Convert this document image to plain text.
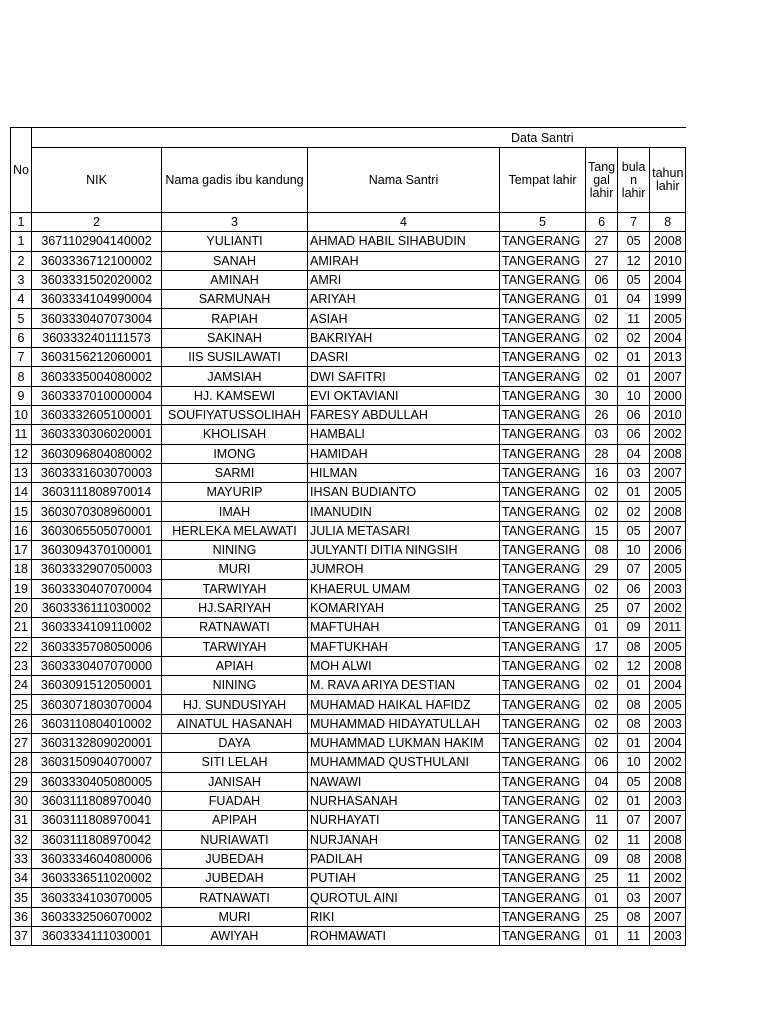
No	Data Santri						
	NIK	Nama gadis ibu kandung	Nama Santri	Tempat lahir	Tang gal lahir	bula n lahir	tahun lahir
1	2	3	4	5	6	7	8
1	3671102904140002	YULIANTI	AHMAD HABIL SIHABUDIN	TANGERANG	27	05	2008
2	3603336712100002	SANAH	AMIRAH	TANGERANG	27	12	2010
3	3603331502020002	AMINAH	AMRI	TANGERANG	06	05	2004
4	3603334104990004	SARMUNAH	ARIYAH	TANGERANG	01	04	1999
5	3603330407073004	RAPIAH	ASIAH	TANGERANG	02	11	2005
6	3603332401111573	SAKINAH	BAKRIYAH	TANGERANG	02	02	2004
7	3603156212060001	IIS SUSILAWATI	DASRI	TANGERANG	02	01	2013
8	3603335004080002	JAMSIAH	DWI SAFITRI	TANGERANG	02	01	2007
9	3603337010000004	HJ. KAMSEWI	EVI OKTAVIANI	TANGERANG	30	10	2000
10	3603332605100001	SOUFIYATUSSOLIHAH	FARESY ABDULLAH	TANGERANG	26	06	2010
11	3603330306020001	KHOLISAH	HAMBALI	TANGERANG	03	06	2002
12	3603096804080002	IMONG	HAMIDAH	TANGERANG	28	04	2008
13	3603331603070003	SARMI	HILMAN	TANGERANG	16	03	2007
14	3603111808970014	MAYURIP	IHSAN BUDIANTO	TANGERANG	02	01	2005
15	3603070308960001	IMAH	IMANUDIN	TANGERANG	02	02	2008
16	3603065505070001	HERLEKA MELAWATI	JULIA METASARI	TANGERANG	15	05	2007
17	3603094370100001	NINING	JULYANTI DITIA NINGSIH	TANGERANG	08	10	2006
18	3603332907050003	MURI	JUMROH	TANGERANG	29	07	2005
19	3603330407070004	TARWIYAH	KHAERUL UMAM	TANGERANG	02	06	2003
20	3603336111030002	HJ.SARIYAH	KOMARIYAH	TANGERANG	25	07	2002
21	3603334109110002	RATNAWATI	MAFTUHAH	TANGERANG	01	09	2011
22	3603335708050006	TARWIYAH	MAFTUKHAH	TANGERANG	17	08	2005
23	3603330407070000	APIAH	MOH ALWI	TANGERANG	02	12	2008
24	3603091512050001	NINING	M. RAVA ARIYA DESTIAN	TANGERANG	02	01	2004
25	3603071803070004	HJ. SUNDUSIYAH	MUHAMAD HAIKAL HAFIDZ	TANGERANG	02	08	2005
26	3603110804010002	AINATUL HASANAH	MUHAMMAD HIDAYATULLAH	TANGERANG	02	08	2003
27	3603132809020001	DAYA	MUHAMMAD LUKMAN HAKIM	TANGERANG	02	01	2004
28	3603150904070007	SITI LELAH	MUHAMMAD QUSTHULANI	TANGERANG	06	10	2002
29	3603330405080005	JANISAH	NAWAWI	TANGERANG	04	05	2008
30	3603111808970040	FUADAH	NURHASANAH	TANGERANG	02	01	2003
31	3603111808970041	APIPAH	NURHAYATI	TANGERANG	11	07	2007
32	3603111808970042	NURIAWATI	NURJANAH	TANGERANG	02	11	2008
33	3603334604080006	JUBEDAH	PADILAH	TANGERANG	09	08	2008
34	3603336511020002	JUBEDAH	PUTIAH	TANGERANG	25	11	2002
35	3603334103070005	RATNAWATI	QUROTUL AINI	TANGERANG	01	03	2007
36	3603332506070002	MURI	RIKI	TANGERANG	25	08	2007
37	3603334111030001	AWIYAH	ROHMAWATI	TANGERANG	01	11	2003
